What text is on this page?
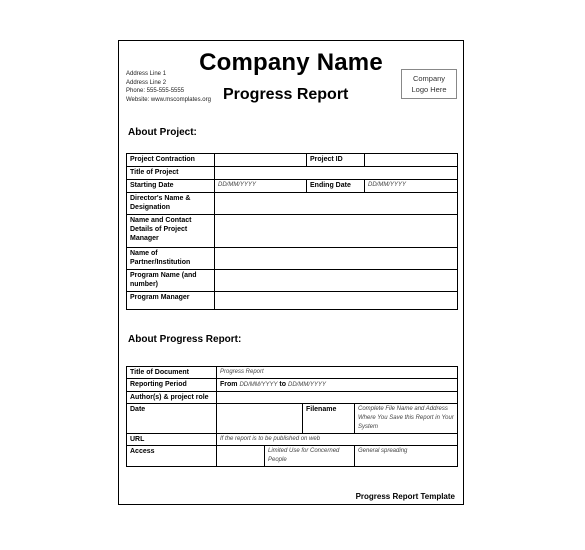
Company Name
Address Line 1
Address Line 2
Phone: 555-555-5555
Website: www.mscomplates.org Progress Report
Company
Logo Here
About Project:
Project Contraction		Project ID	
Title of Project			
Starting Date	DD/MM/YYYY	Ending Date	DD/MM/YYYY
Director's Name & Designation			
Name and Contact Details of Project Manager			
Name of Partner/Institution			
Program Name (and number)			
Program Manager			
About Progress Report:
Title of Document	Progress Report			
Reporting Period	From DD/MM/YYYY to DD/MM/YYYY			
Author(s) & project role				
Date			Filename	Complete File Name and Address Where You Save this Report in Your System
URL	If the report is to be published on web			
Access		Limited Use for Concerned People		General spreading
Progress Report Template
